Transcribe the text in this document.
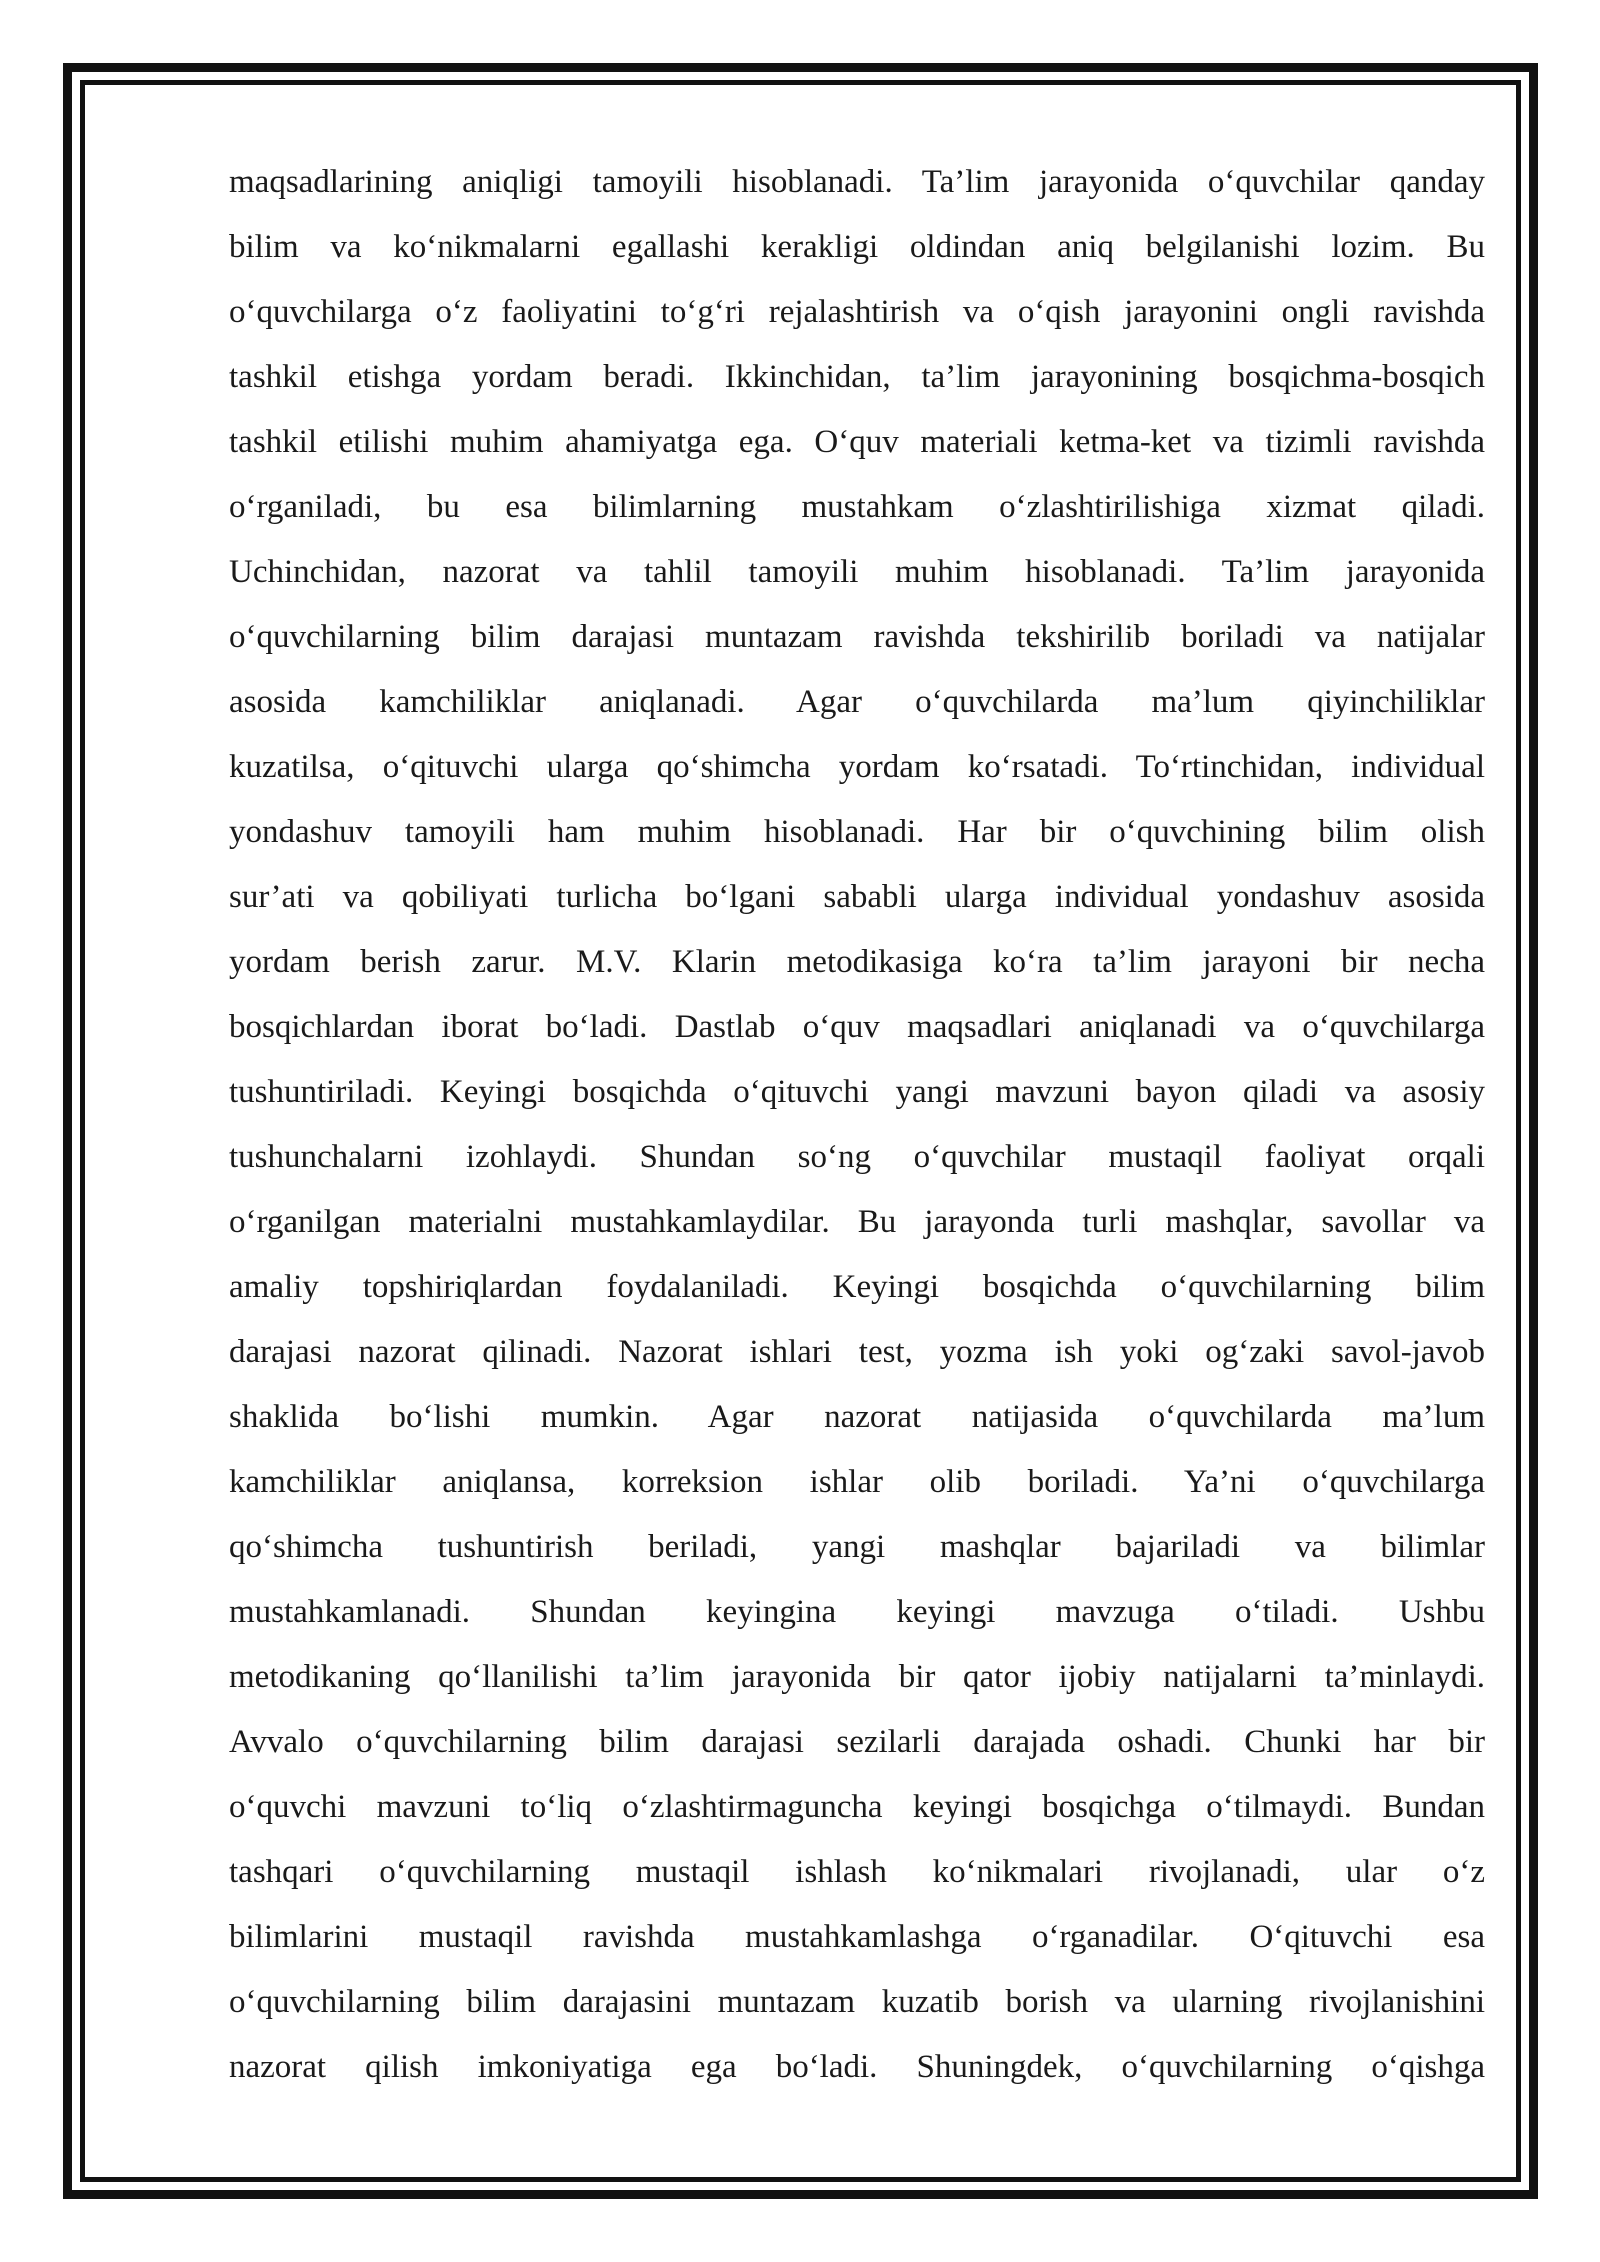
maqsadlarining aniqligi tamoyili hisoblanadi. Ta’lim jarayonida o‘quvchilar qanday
bilim va ko‘nikmalarni egallashi kerakligi oldindan aniq belgilanishi lozim. Bu
o‘quvchilarga o‘z faoliyatini to‘g‘ri rejalashtirish va o‘qish jarayonini ongli ravishda
tashkil etishga yordam beradi. Ikkinchidan, ta’lim jarayonining bosqichma-bosqich
tashkil etilishi muhim ahamiyatga ega. O‘quv materiali ketma-ket va tizimli ravishda
o‘rganiladi, bu esa bilimlarning mustahkam o‘zlashtirilishiga xizmat qiladi.
Uchinchidan, nazorat va tahlil tamoyili muhim hisoblanadi. Ta’lim jarayonida
o‘quvchilarning bilim darajasi muntazam ravishda tekshirilib boriladi va natijalar
asosida kamchiliklar aniqlanadi. Agar o‘quvchilarda ma’lum qiyinchiliklar
kuzatilsa, o‘qituvchi ularga qo‘shimcha yordam ko‘rsatadi. To‘rtinchidan, individual
yondashuv tamoyili ham muhim hisoblanadi. Har bir o‘quvchining bilim olish
sur’ati va qobiliyati turlicha bo‘lgani sababli ularga individual yondashuv asosida
yordam berish zarur. M.V. Klarin metodikasiga ko‘ra ta’lim jarayoni bir necha
bosqichlardan iborat bo‘ladi. Dastlab o‘quv maqsadlari aniqlanadi va o‘quvchilarga
tushuntiriladi. Keyingi bosqichda o‘qituvchi yangi mavzuni bayon qiladi va asosiy
tushunchalarni izohlaydi. Shundan so‘ng o‘quvchilar mustaqil faoliyat orqali
o‘rganilgan materialni mustahkamlaydilar. Bu jarayonda turli mashqlar, savollar va
amaliy topshiriqlardan foydalaniladi. Keyingi bosqichda o‘quvchilarning bilim
darajasi nazorat qilinadi. Nazorat ishlari test, yozma ish yoki og‘zaki savol-javob
shaklida bo‘lishi mumkin. Agar nazorat natijasida o‘quvchilarda ma’lum
kamchiliklar aniqlansa, korreksion ishlar olib boriladi. Ya’ni o‘quvchilarga
qo‘shimcha tushuntirish beriladi, yangi mashqlar bajariladi va bilimlar
mustahkamlanadi. Shundan keyingina keyingi mavzuga o‘tiladi. Ushbu
metodikaning qo‘llanilishi ta’lim jarayonida bir qator ijobiy natijalarni ta’minlaydi.
Avvalo o‘quvchilarning bilim darajasi sezilarli darajada oshadi. Chunki har bir
o‘quvchi mavzuni to‘liq o‘zlashtirmaguncha keyingi bosqichga o‘tilmaydi. Bundan
tashqari o‘quvchilarning mustaqil ishlash ko‘nikmalari rivojlanadi, ular o‘z
bilimlarini mustaqil ravishda mustahkamlashga o‘rganadilar. O‘qituvchi esa
o‘quvchilarning bilim darajasini muntazam kuzatib borish va ularning rivojlanishini
nazorat qilish imkoniyatiga ega bo‘ladi. Shuningdek, o‘quvchilarning o‘qishga
